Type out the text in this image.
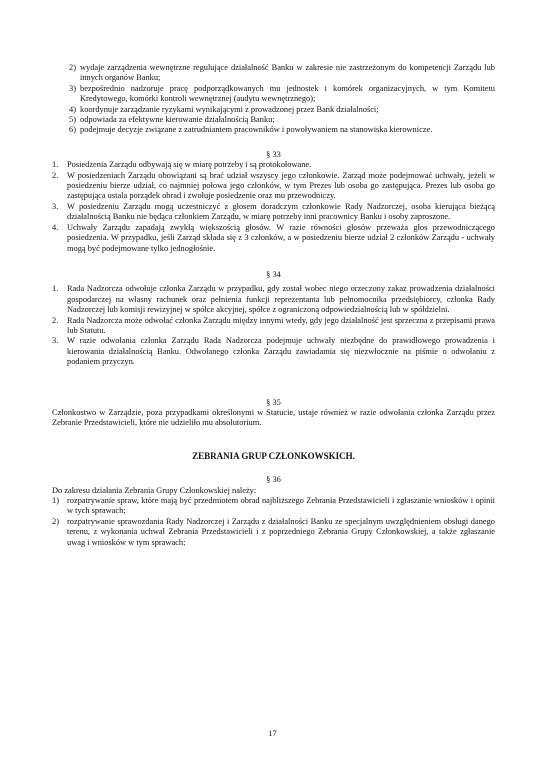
2) wydaje zarządzenia wewnętrzne regulujące działalność Banku w zakresie nie zastrzeżonym do kompetencji Zarządu lub innych organów Banku;
3) bezpośrednio nadzoruje pracę podporządkowanych mu jednostek i komórek organizacyjnych, w tym Komitetu Kredytowego, komórki kontroli wewnętrznej (audytu wewnętrznego);
4) koordynuje zarządzanie ryzykami wynikającymi z prowadzonej przez Bank działalności;
5) odpowiada za efektywne kierowanie działalnością Banku;
6) podejmuje decyzje związane z zatrudnianiem pracowników i powoływaniem na stanowiska kierownicze.
§ 33
1. Posiedzenia Zarządu odbywają się w miarę potrzeby i są protokołowane.
2. W posiedzeniach Zarządu obowiązani są brać udział wszyscy jego członkowie. Zarząd może podejmować uchwały, jeżeli w posiedzeniu bierze udział, co najmniej połowa jego członków, w tym Prezes lub osoba go zastępująca. Prezes lub osoba go zastępująca ustala porządek obrad i zwołuje posiedzenie oraz mu przewodniczy.
3. W posiedzeniu Zarządu mogą uczestniczyć z głosem doradczym członkowie Rady Nadzorczej, osoba kierująca bieżącą działalnością Banku nie będąca członkiem Zarządu, w miarę potrzeby inni pracownicy Banku i osoby zaproszone.
4. Uchwały Zarządu zapadają zwykłą większością głosów. W razie równości głosów przeważa głos przewodniczącego posiedzenia. W przypadku, jeśli Zarząd składa się z 3 członków, a w posiedzeniu bierze udział 2 członków Zarządu - uchwały mogą być podejmowane tylko jednogłośnie.
§ 34
1. Rada Nadzorcza odwołuje członka Zarządu w przypadku, gdy został wobec niego orzeczony zakaz prowadzenia działalności gospodarczej na własny rachunek oraz pełnienia funkcji reprezentanta lub pełnomocnika przedsiębiorcy, członka Rady Nadzorczej lub komisji rewizyjnej w spółce akcyjnej, spółce z ograniczoną odpowiedzialnością lub w spółdzielni.
2. Rada Nadzorcza może odwołać członka Zarządu między innymi wtedy, gdy jego działalność jest sprzeczna z przepisami prawa lub Statutu.
3. W razie odwołania członka Zarządu Rada Nadzorcza podejmuje uchwały niezbędne do prawidłowego prowadzenia i kierowania działalnością Banku. Odwołanego członka Zarządu zawiadamia się niezwłocznie na piśmie o odwołaniu z podaniem przyczyn.
§ 35
Członkostwo w Zarządzie, poza przypadkami określonymi w Statucie, ustaje również w razie odwołania członka Zarządu przez Zebranie Przedstawicieli, które nie udzieliło mu absolutorium.
ZEBRANIA GRUP CZŁONKOWSKICH.
§ 36
Do zakresu działania Zebrania Grupy Członkowskiej należy:
1) rozpatrywanie spraw, które mają być przedmiotem obrad najbliższego Zebrania Przedstawicieli i zgłaszanie wniosków i opinii w tych sprawach;
2) rozpatrywanie sprawozdania Rady Nadzorczej i Zarządu z działalności Banku ze specjalnym uwzględnieniem obsługi danego terenu, z wykonania uchwał Zebrania Przedstawicieli i z poprzedniego Zebrania Grupy Członkowskiej, a także zgłaszanie uwag i wniosków w tym sprawach;
17
